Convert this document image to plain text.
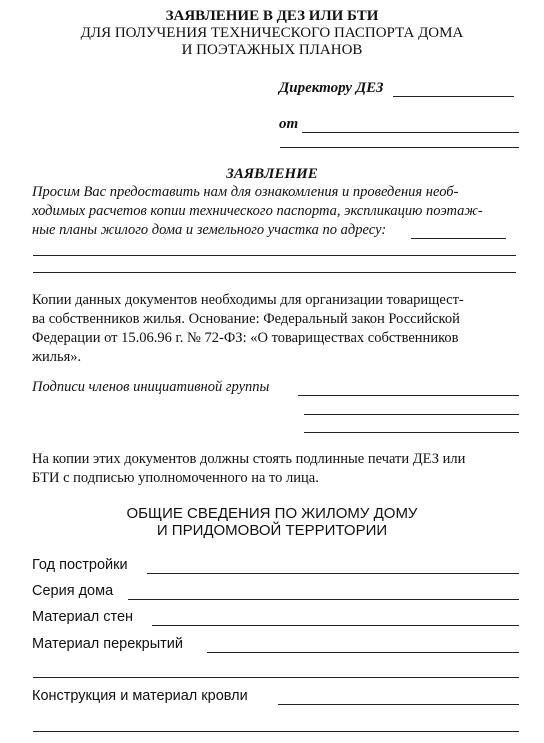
ЗАЯВЛЕНИЕ В ДЕЗ ИЛИ БТИ
ДЛЯ ПОЛУЧЕНИЯ ТЕХНИЧЕСКОГО ПАСПОРТА ДОМА
И ПОЭТАЖНЫХ ПЛАНОВ
Директору ДЕЗ
от
ЗАЯВЛЕНИЕ
Просим Вас предоставить нам для ознакомления и проведения необ-
ходимых расчетов копии технического паспорта, экспликацию поэтаж-
ные планы жилого дома и земельного участка по адресу:
Копии данных документов необходимы для организации товарищест-
ва собственников жилья. Основание: Федеральный закон Российской
Федерации от 15.06.96 г. № 72-ФЗ: «О товариществах собственников
жилья».
Подписи членов инициативной группы
На копии этих документов должны стоять подлинные печати ДЕЗ или
БТИ с подписью уполномоченного на то лица.
ОБЩИЕ СВЕДЕНИЯ ПО ЖИЛОМУ ДОМУ
И ПРИДОМОВОЙ ТЕРРИТОРИИ
Год постройки
Серия дома
Материал стен
Материал перекрытий
Конструкция и материал кровли
